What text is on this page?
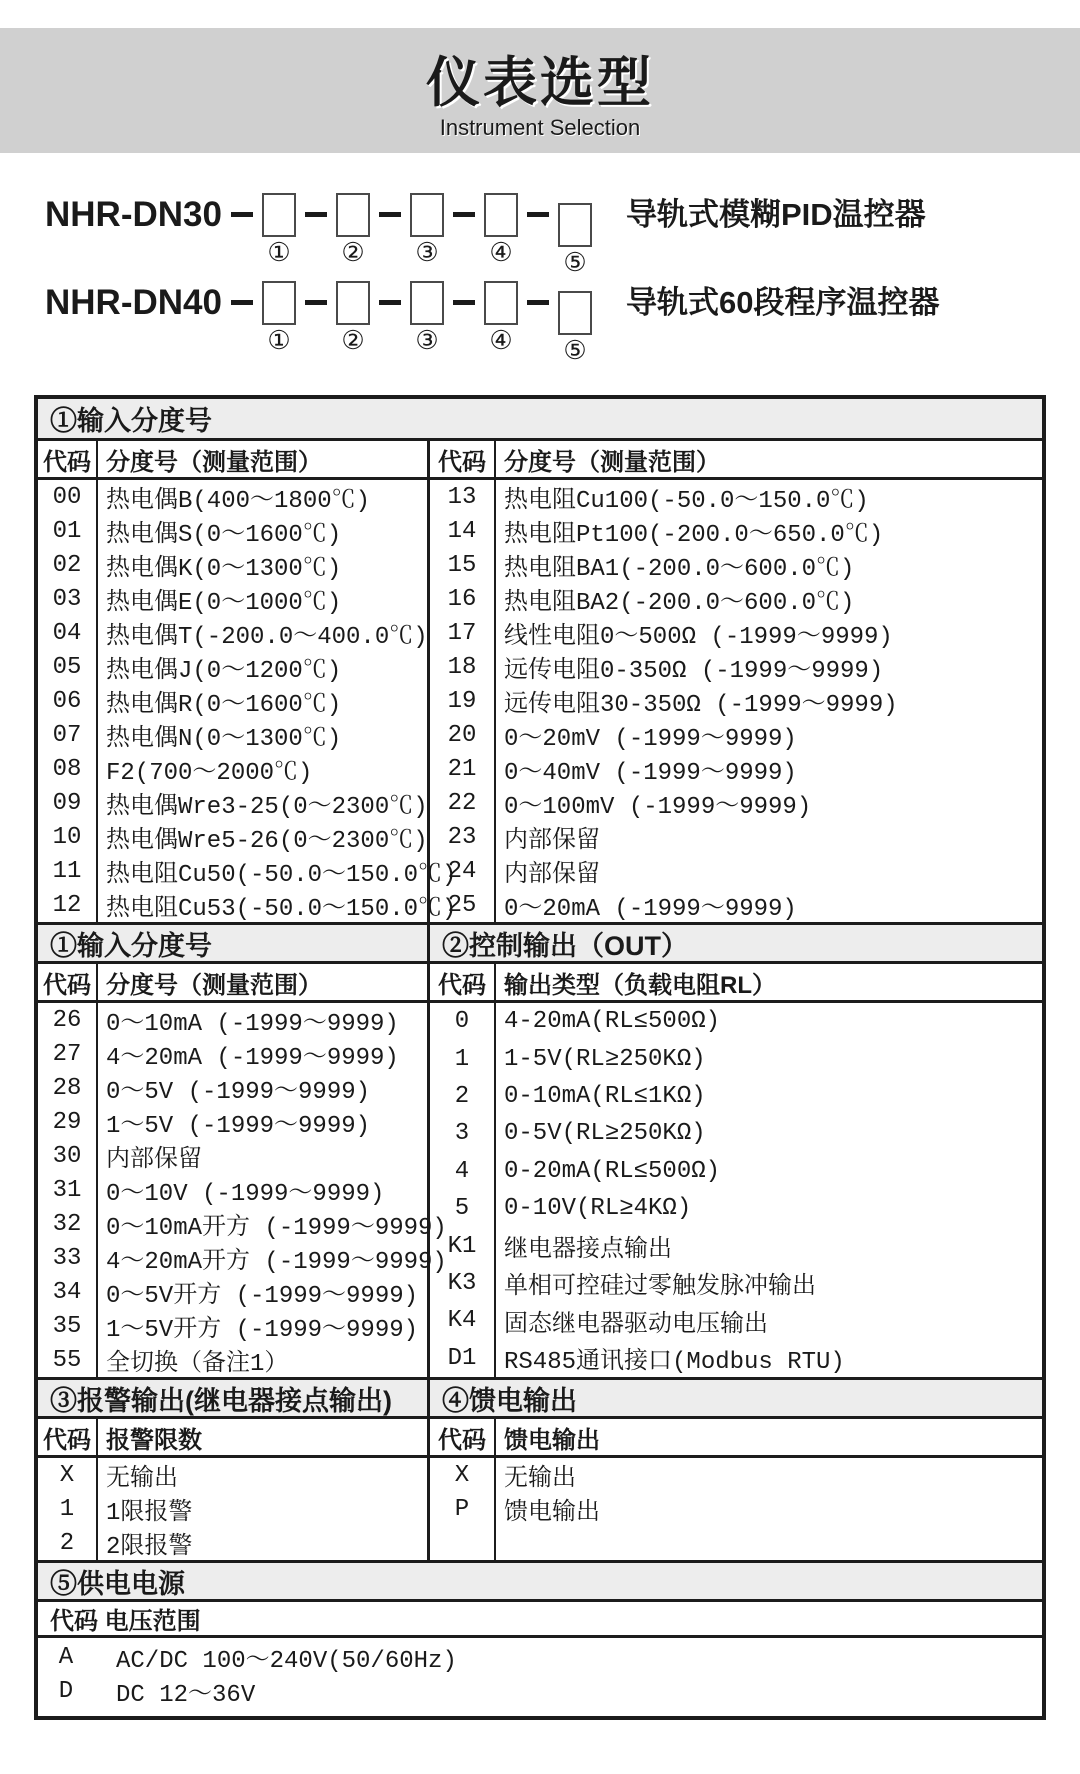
仪表选型
Instrument Selection
NHR-DN30
① ② ③ ④ ⑤
导轨式模糊PID温控器
NHR-DN40
① ② ③ ④ ⑤
导轨式60段程序温控器
①输入分度号
代码 分度号（测量范围）	代码 分度号（测量范围）
00	热电偶B(400～1800℃)
01	热电偶S(0～1600℃)
02	热电偶K(0～1300℃)
03	热电偶E(0～1000℃)
04	热电偶T(-200.0～400.0℃)
05	热电偶J(0～1200℃)
06	热电偶R(0～1600℃)
07	热电偶N(0～1300℃)
08	F2(700～2000℃)
09	热电偶Wre3-25(0～2300℃)
10	热电偶Wre5-26(0～2300℃)
11	热电阻Cu50(-50.0～150.0℃)
12	热电阻Cu53(-50.0～150.0℃)
13	热电阻Cu100(-50.0～150.0℃)
14	热电阻Pt100(-200.0～650.0℃)
15	热电阻BA1(-200.0～600.0℃)
16	热电阻BA2(-200.0～600.0℃)
17	线性电阻0～500Ω (-1999～9999)
18	远传电阻0-350Ω (-1999～9999)
19	远传电阻30-350Ω (-1999～9999)
20	0～20mV (-1999～9999)
21	0～40mV (-1999～9999)
22	0～100mV (-1999～9999)
23	内部保留
24	内部保留
25	0～20mA (-1999～9999)
①输入分度号	②控制输出（OUT）
代码 分度号（测量范围）	代码 输出类型（负载电阻RL）
26	0～10mA (-1999～9999)
27	4～20mA (-1999～9999)
28	0～5V (-1999～9999)
29	1～5V (-1999～9999)
30	内部保留
31	0～10V (-1999～9999)
32	0～10mA开方 (-1999～9999)
33	4～20mA开方 (-1999～9999)
34	0～5V开方 (-1999～9999)
35	1～5V开方 (-1999～9999)
55	全切换（备注1）
0	4-20mA(RL≤500Ω)
1	1-5V(RL≥250KΩ)
2	0-10mA(RL≤1KΩ)
3	0-5V(RL≥250KΩ)
4	0-20mA(RL≤500Ω)
5	0-10V(RL≥4KΩ)
K1	继电器接点输出
K3	单相可控硅过零触发脉冲输出
K4	固态继电器驱动电压输出
D1	RS485通讯接口(Modbus RTU)
③报警输出(继电器接点输出)	④馈电输出
代码 报警限数	代码 馈电输出
X	无输出
1	1限报警
2	2限报警
X	无输出
P	馈电输出
⑤供电电源
代码 电压范围
A	AC/DC 100～240V(50/60Hz)
D	DC 12～36V
